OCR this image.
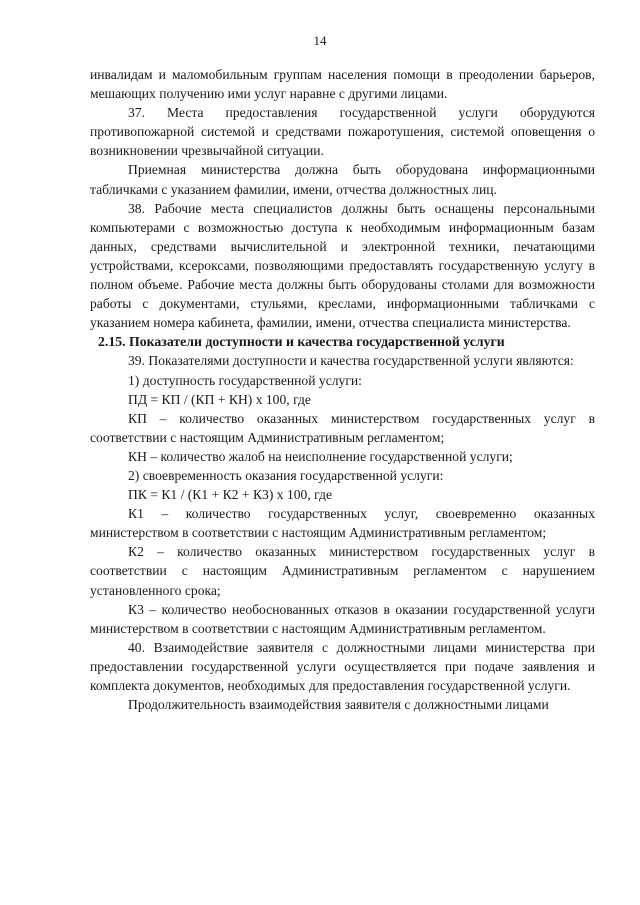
14

инвалидам и маломобильным группам населения помощи в преодолении барьеров, мешающих получению ими услуг наравне с другими лицами.

37. Места предоставления государственной услуги оборудуются противопожарной системой и средствами пожаротушения, системой оповещения о возникновении чрезвычайной ситуации.

Приемная министерства должна быть оборудована информационными табличками с указанием фамилии, имени, отчества должностных лиц.

38. Рабочие места специалистов должны быть оснащены персональными компьютерами с возможностью доступа к необходимым информационным базам данных, средствами вычислительной и электронной техники, печатающими устройствами, ксероксами, позволяющими предоставлять государственную услугу в полном объеме. Рабочие места должны быть оборудованы столами для возможности работы с документами, стульями, креслами, информационными табличками с указанием номера кабинета, фамилии, имени, отчества специалиста министерства.

2.15. Показатели доступности и качества государственной услуги

39. Показателями доступности и качества государственной услуги являются:

1) доступность государственной услуги:

ПД = КП / (КП + КН) х 100, где

КП – количество оказанных министерством государственных услуг в соответствии с настоящим Административным регламентом;

КН – количество жалоб на неисполнение государственной услуги;

2) своевременность оказания государственной услуги:

ПК = К1 / (К1 + К2 + К3) х 100, где

К1 – количество государственных услуг, своевременно оказанных министерством в соответствии с настоящим Административным регламентом;

К2 – количество оказанных министерством государственных услуг в соответствии с настоящим Административным регламентом с нарушением установленного срока;

К3 – количество необоснованных отказов в оказании государственной услуги министерством в соответствии с настоящим Административным регламентом.

40. Взаимодействие заявителя с должностными лицами министерства при предоставлении государственной услуги осуществляется при подаче заявления и комплекта документов, необходимых для предоставления государственной услуги.

Продолжительность взаимодействия заявителя с должностными лицами
